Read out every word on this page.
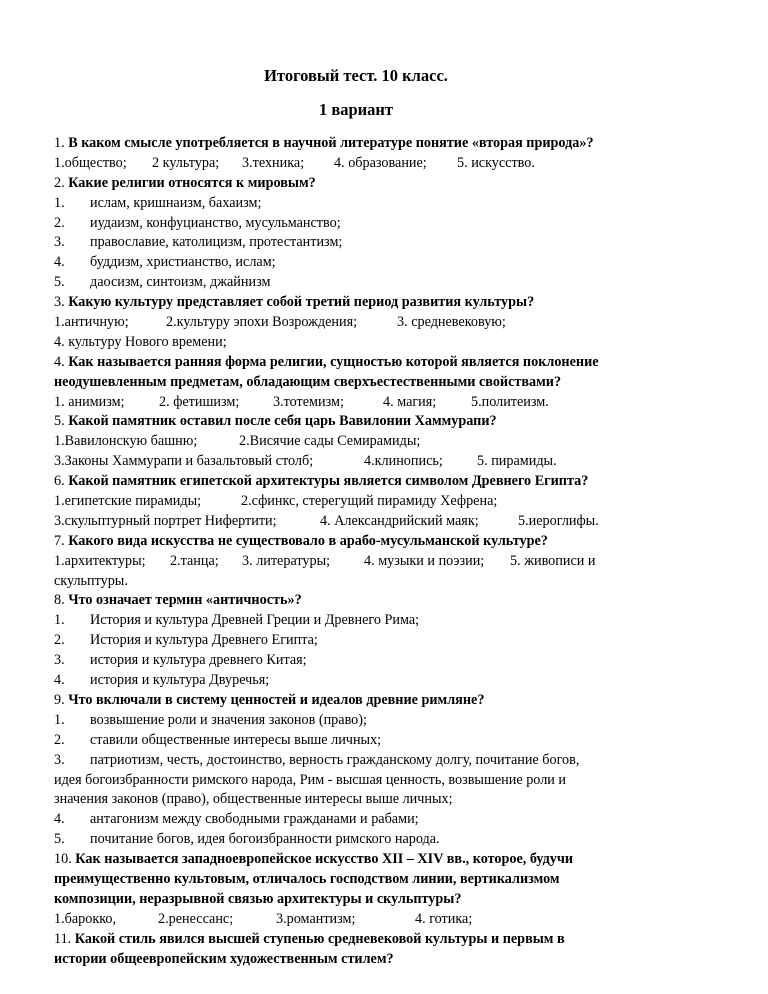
Итоговый тест. 10 класс.
1 вариант
1. В каком смысле употребляется в научной литературе понятие «вторая природа»?
1.общество; 2 культура; 3.техника; 4. образование; 5. искусство.
2. Какие религии относятся к мировым?
1. ислам, кришнаизм, бахаизм;
2. иудаизм, конфуцианство, мусульманство;
3. православие, католицизм, протестантизм;
4. буддизм, христианство, ислам;
5. даосизм, синтоизм, джайнизм
3. Какую культуру представляет собой третий период развития культуры?
1.античную;	2.культуру эпохи Возрождения;	3. средневековую;
4. культуру Нового времени;
4. Как называется ранняя форма религии, сущностью которой является поклонение
неодушевленным предметам, обладающим сверхъестественными свойствами?
1. анимизм; 2. фетишизм; 3.тотемизм;	4. магия; 5.политеизм.
5. Какой памятник оставил после себя царь Вавилонии Хаммурапи?
1.Вавилонскую башню;	2.Висячие сады Семирамиды;
3.Законы Хаммурапи и базальтовый столб;	4.клинопись; 5. пирамиды.
6. Какой памятник египетской архитектуры является символом Древнего Египта?
1.египетские пирамиды;	2.сфинкс, стерегущий пирамиду Хефрена;
3.скульптурный портрет Нифертити;	4. Александрийский маяк;	5.иероглифы.
7. Какого вида искусства не существовало в арабо-мусульманской культуре?
1.архитектуры; 2.танца; 3. литературы; 4. музыки и поэзии; 5. живописи и
скульптуры.
8. Что означает термин «античность»?
1. История и культура Древней Греции и Древнего Рима;
2. История и культура Древнего Египта;
3. история и культура древнего Китая;
4. история и культура Двуречья;
9. Что включали в систему ценностей и идеалов древние римляне?
1. возвышение роли и значения законов (право);
2. ставили общественные интересы выше личных;
3. патриотизм, честь, достоинство, верность гражданскому долгу, почитание богов,
идея богоизбранности римского народа, Рим - высшая ценность, возвышение роли и
значения законов (право), общественные интересы выше личных;
4. антагонизм между свободными гражданами и рабами;
5. почитание богов, идея богоизбранности римского народа.
10. Как называется западноевропейское искусство XII – XIV вв., которое, будучи
преимущественно культовым, отличалось господством линии, вертикализмом
композиции, неразрывной связью архитектуры и скульптуры?
1.барокко,	2.ренессанс;	3.романтизм;	4. готика;
11. Какой стиль явился высшей ступенью средневековой культуры и первым в
истории общеевропейским художественным стилем?
